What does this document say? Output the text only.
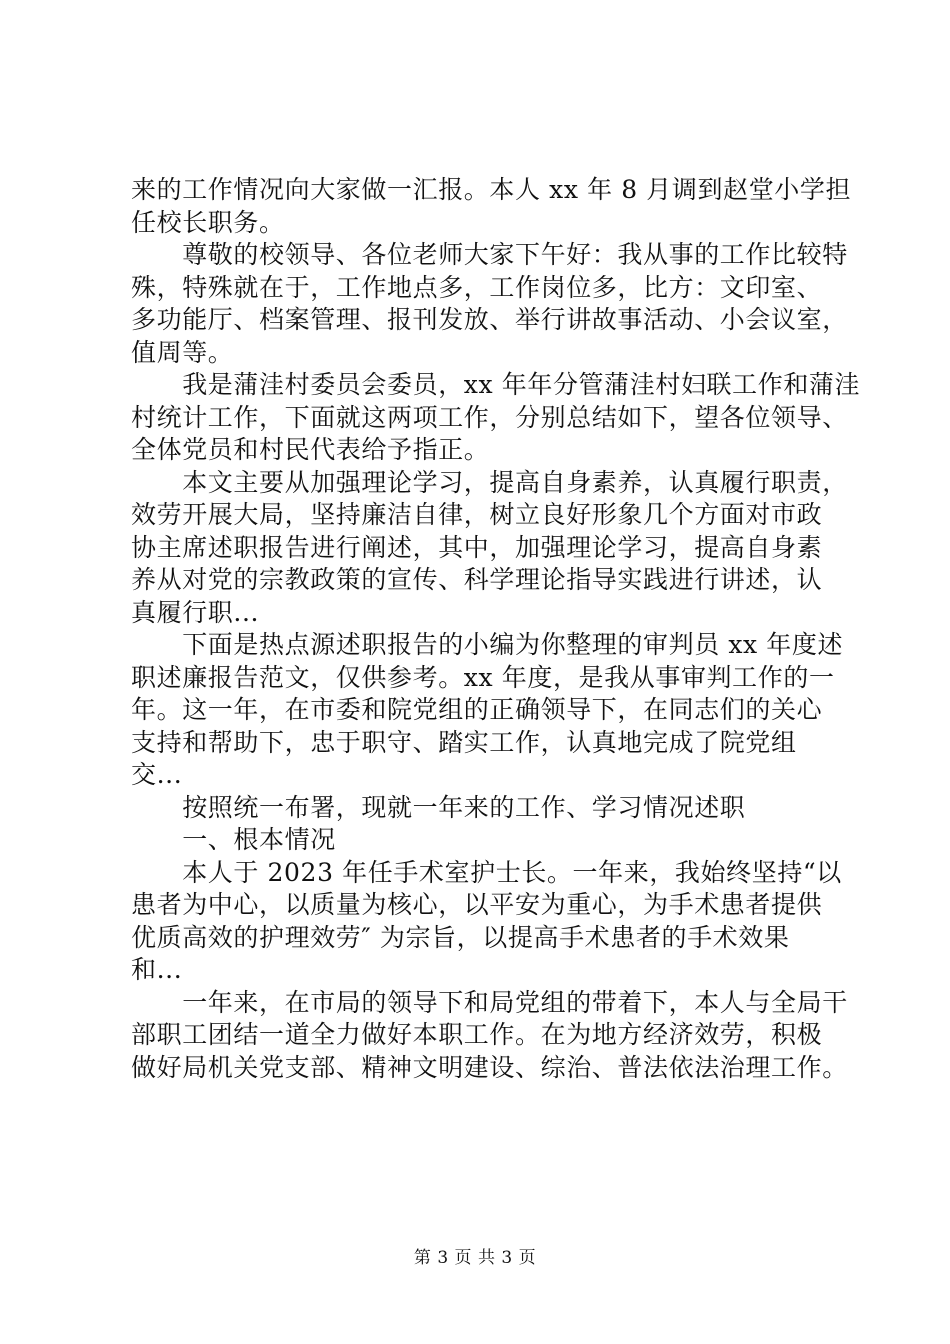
来的工作情况向大家做一汇报。本人 xx 年 8 月调到赵堂小学担
任校长职务。
　　尊敬的校领导、各位老师大家下午好：我从事的工作比较特
殊，特殊就在于，工作地点多，工作岗位多，比方：文印室、
多功能厅、档案管理、报刊发放、举行讲故事活动、小会议室，
值周等。
　　我是蒲洼村委员会委员，xx 年年分管蒲洼村妇联工作和蒲洼
村统计工作，下面就这两项工作，分别总结如下，望各位领导、
全体党员和村民代表给予指正。
　　本文主要从加强理论学习，提高自身素养，认真履行职责，
效劳开展大局，坚持廉洁自律，树立良好形象几个方面对市政
协主席述职报告进行阐述，其中，加强理论学习，提高自身素
养从对党的宗教政策的宣传、科学理论指导实践进行讲述，认
真履行职...
　　下面是热点源述职报告的小编为你整理的审判员 xx 年度述
职述廉报告范文，仅供参考。xx 年度，是我从事审判工作的一
年。这一年，在市委和院党组的正确领导下，在同志们的关心
支持和帮助下，忠于职守、踏实工作，认真地完成了院党组
交...
　　按照统一布署，现就一年来的工作、学习情况述职
　　一、根本情况
　　本人于 2023 年任手术室护士长。一年来，我始终坚持“以
患者为中心，以质量为核心，以平安为重心，为手术患者提供
优质高效的护理效劳″ 为宗旨，以提高手术患者的手术效果
和...
　　一年来，在市局的领导下和局党组的带着下，本人与全局干
部职工团结一道全力做好本职工作。在为地方经济效劳，积极
做好局机关党支部、精神文明建设、综治、普法依法治理工作。
第 3 页 共 3 页
